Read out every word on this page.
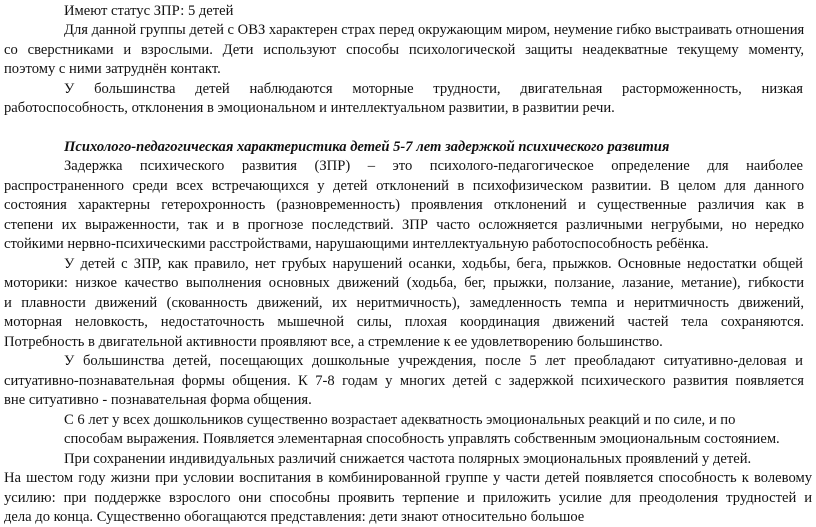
Имеют статус ЗПР: 5 детей
Для данной группы детей с ОВЗ характерен страх перед окружающим миром, неумение гибко выстраивать отношения
со сверстниками и взрослыми. Дети используют способы психологической защиты неадекватные текущему моменту,
поэтому с ними затруднён контакт.
У большинства детей наблюдаются моторные трудности, двигательная расторможенность, низкая
работоспособность, отклонения в эмоциональном и интеллектуальном развитии, в развитии речи.
Психолого-педагогическая характеристика детей 5-7 лет задержкой психического развития
Задержка психического развития (ЗПР) – это психолого-педагогическое определение для наиболее
распространенного среди всех встречающихся у детей отклонений в психофизическом развитии. В целом для данного
состояния характерны гетерохронность (разновременность) проявления отклонений и существенные различия как в
степени их выраженности, так и в прогнозе последствий. ЗПР часто осложняется различными негрубыми, но нередко
стойкими нервно-психическими расстройствами, нарушающими интеллектуальную работоспособность ребёнка.
У детей с ЗПР, как правило, нет грубых нарушений осанки, ходьбы, бега, прыжков. Основные недостатки общей
моторики: низкое качество выполнения основных движений (ходьба, бег, прыжки, ползание, лазание, метание), гибкости
и плавности движений (скованность движений, их неритмичность), замедленность темпа и неритмичность движений,
моторная неловкость, недостаточность мышечной силы, плохая координация движений частей тела сохраняются.
Потребность в двигательной активности проявляют все, а стремление к ее удовлетворению большинство.
У большинства детей, посещающих дошкольные учреждения, после 5 лет преобладают ситуативно-деловая и
ситуативно-познавательная формы общения. К 7-8 годам у многих детей с задержкой психического развития появляется
вне ситуативно - познавательная форма общения.
С 6 лет у всех дошкольников существенно возрастает адекватность эмоциональных реакций и по силе, и по
способам выражения. Появляется элементарная способность управлять собственным эмоциональным состоянием.
При сохранении индивидуальных различий снижается частота полярных эмоциональных проявлений у детей.
На шестом году жизни при условии воспитания в комбинированной группе у части детей появляется способность к волевому
усилию: при поддержке взрослого они способны проявить терпение и приложить усилие для преодоления трудностей и
дела до конца. Существенно обогащаются представления: дети знают относительно большое
